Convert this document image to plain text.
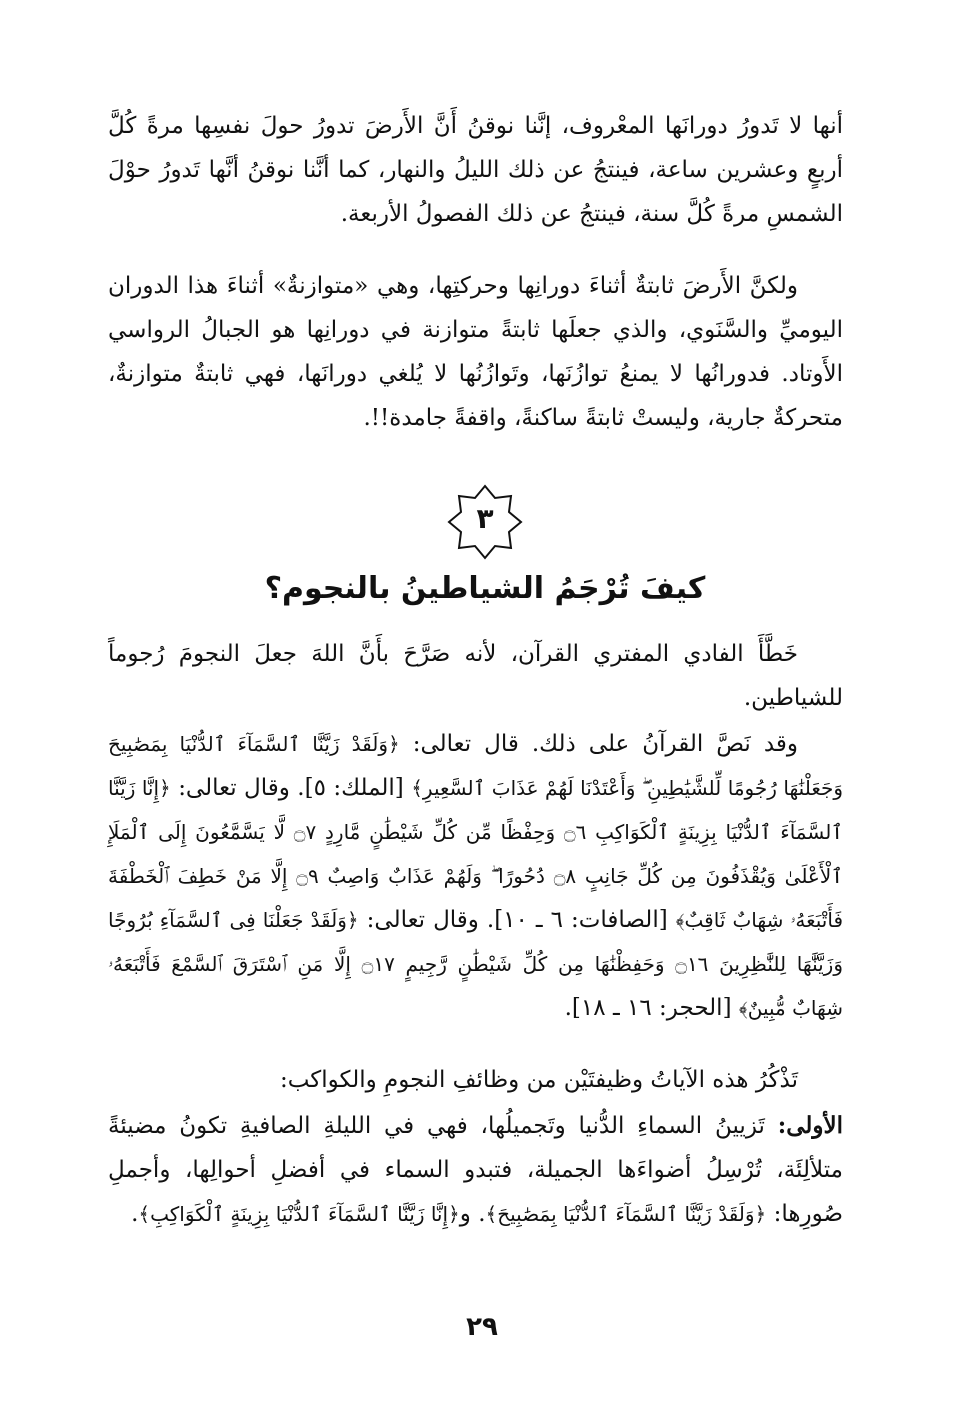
أنها لا تَدورُ دورانَها المعْروف، إنَّنا نوقنُ أَنَّ الأَرضَ تدورُ حولَ نفسِها مرةً كُلَّ أربعٍ وعشرين ساعة، فينتجُ عن ذلك الليلُ والنهار، كما أنَّنا نوقنُ أنَّها تَدورُ حوْلَ الشمسِ مرةً كُلَّ سنة، فينتجُ عن ذلك الفصولُ الأربعة.

ولكنَّ الأَرضَ ثابتةٌ أثناءَ دورانِها وحركتِها، وهي «متوازنةٌ» أثناءَ هذا الدوران اليوميِّ والسَّنَوي، والذي جعلَها ثابتةً متوازنة في دورانِها هو الجبالُ الرواسي الأَوتاد. فدورانُها لا يمنعُ توازُنَها، وتَوازُنُها لا يُلغي دورانَها، فهي ثابتةٌ متوازنةٌ، متحركةٌ جارية، وليستْ ثابتةً ساكنةً، واقفةً جامدة!!.

٣
كيفَ تُرْجَمُ الشياطينُ بالنجوم؟

خَطَّأَ الفادي المفتري القرآن، لأنه صَرَّحَ بأَنَّ اللهَ جعلَ النجومَ رُجوماً للشياطين.

وقد نَصَّ القرآنُ على ذلك. قال تعالى: ﴿وَلَقَدْ زَيَّنَّا ٱلسَّمَآءَ ٱلدُّنْيَا بِمَصَٰبِيحَ وَجَعَلْنَٰهَا رُجُومًا لِّلشَّيَٰطِينِ ۖ وَأَعْتَدْنَا لَهُمْ عَذَابَ ٱلسَّعِيرِ﴾ [الملك: ٥]. وقال تعالى: ﴿إِنَّا زَيَّنَّا ٱلسَّمَآءَ ٱلدُّنْيَا بِزِينَةٍ ٱلْكَوَاكِبِ ۝٦ وَحِفْظًا مِّن كُلِّ شَيْطَٰنٍ مَّارِدٍ ۝٧ لَّا يَسَّمَّعُونَ إِلَى ٱلْمَلَإِ ٱلْأَعْلَىٰ وَيُقْذَفُونَ مِن كُلِّ جَانِبٍ ۝٨ دُحُورًا ۖ وَلَهُمْ عَذَابٌ وَاصِبٌ ۝٩ إِلَّا مَنْ خَطِفَ ٱلْخَطْفَةَ فَأَتْبَعَهُۥ شِهَابٌ ثَاقِبٌ﴾ [الصافات: ٦ ـ ١٠]. وقال تعالى: ﴿وَلَقَدْ جَعَلْنَا فِى ٱلسَّمَآءِ بُرُوجًا وَزَيَّنَّٰهَا لِلنَّٰظِرِينَ ۝١٦ وَحَفِظْنَٰهَا مِن كُلِّ شَيْطَٰنٍ رَّجِيمٍ ۝١٧ إِلَّا مَنِ ٱسْتَرَقَ ٱلسَّمْعَ فَأَتْبَعَهُۥ شِهَابٌ مُّبِينٌ﴾ [الحجر: ١٦ ـ ١٨].

تَذْكُرُ هذه الآياتُ وظيفتَيْن من وظائفِ النجومِ والكواكب:

الأولى: تَزيينُ السماءِ الدُّنيا وتَجميلُها، فهي في الليلةِ الصافيةِ تكونُ مضيئةً متلألِئَة، تُرْسِلُ أضواءَها الجميلة، فتبدو السماء في أفضلِ أحوالِها، وأجملِ صُورِها: ﴿وَلَقَدْ زَيَّنَّا ٱلسَّمَآءَ ٱلدُّنْيَا بِمَصَٰبِيحَ﴾. و﴿إِنَّا زَيَّنَّا ٱلسَّمَآءَ ٱلدُّنْيَا بِزِينَةٍ ٱلْكَوَاكِبِ﴾.

٢٩
